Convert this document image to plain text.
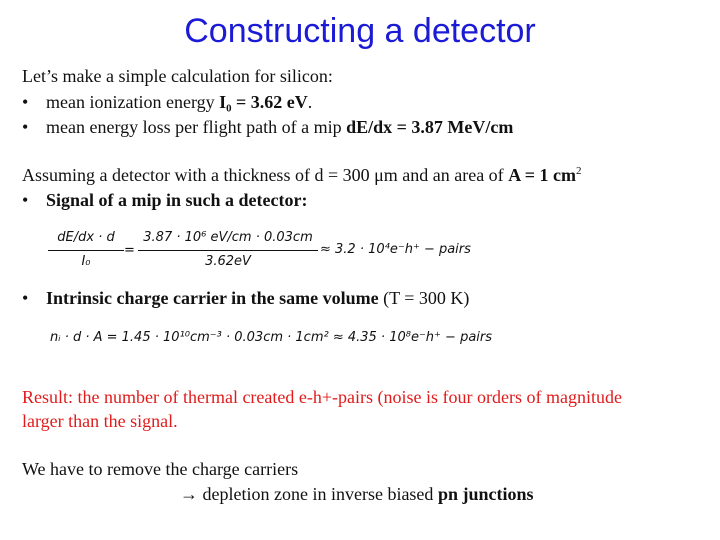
Constructing a detector
Let’s make a simple calculation for silicon:
• mean ionization energy I₀ = 3.62 eV.
• mean energy loss per flight path of a mip dE/dx = 3.87 MeV/cm
Assuming a detector with a thickness of d = 300 μm and an area of A = 1 $cm^2$
• Signal of a mip in such a detector:
dE/dx · d
I₀
=
3.87 · 10⁶ eV/cm · 0.03cm
3.62eV
≈ 3.2 · 10⁴e⁻h⁺ − pairs
• Intrinsic charge carrier in the same volume (T = 300 K)
nᵢ · d · A = 1.45 · 10¹⁰cm⁻³ · 0.03cm · 1cm² ≈ 4.35 · 10⁸e⁻h⁺ − pairs
Result: the number of thermal created e-h+-pairs (noise is four orders of magnitude
larger than the signal.
We have to remove the charge carriers
→ depletion zone in inverse biased pn junctions
